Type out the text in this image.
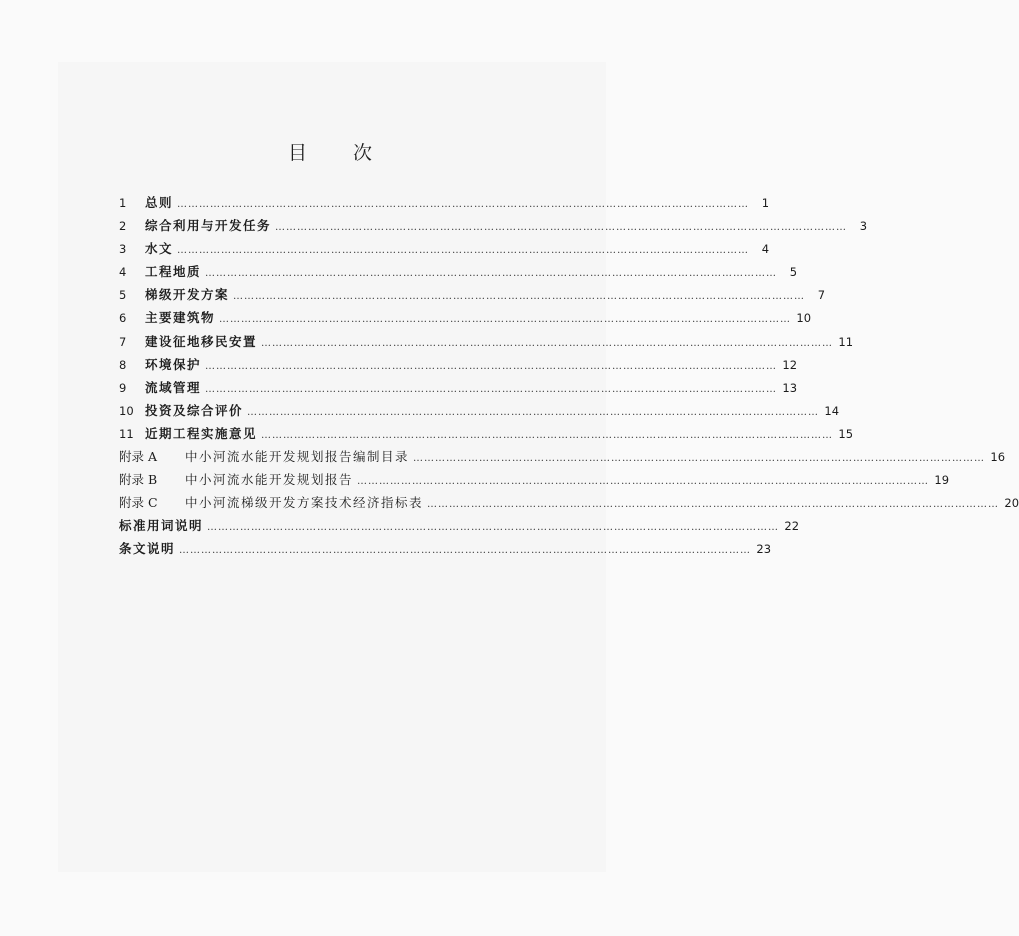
目 次
1	总则 …………………………………………………………………………………………………………………………………………	1
2	综合利用与开发任务 …………………………………………………………………………………………………………………………………………	3
3	水文 …………………………………………………………………………………………………………………………………………	4
4	工程地质 …………………………………………………………………………………………………………………………………………	5
5	梯级开发方案 …………………………………………………………………………………………………………………………………………	7
6	主要建筑物 ………………………………………………………………………………………………………………………………………… 10
7	建设征地移民安置 ………………………………………………………………………………………………………………………………………… 11
8	环境保护 ………………………………………………………………………………………………………………………………………… 12
9	流域管理 ………………………………………………………………………………………………………………………………………… 13
10 投资及综合评价 ………………………………………………………………………………………………………………………………………… 14
11 近期工程实施意见 ………………………………………………………………………………………………………………………………………… 15
附录 A	中小河流水能开发规划报告编制目录 ………………………………………………………………………………………………………………………………………… 16
附录 B	中小河流水能开发规划报告 ………………………………………………………………………………………………………………………………………… 19
附录 C	中小河流梯级开发方案技术经济指标表 ………………………………………………………………………………………………………………………………………… 20
标准用词说明 ………………………………………………………………………………………………………………………………………… 22
条文说明 ………………………………………………………………………………………………………………………………………… 23
